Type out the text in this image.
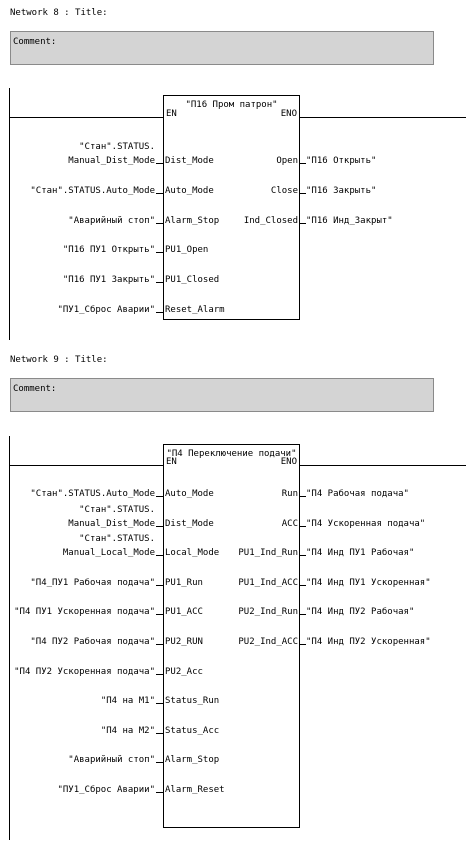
Network 8 : Title:
Comment:
"П16 Пром патрон"
EN	ENO
"Стан".STATUS.
Manual_Dist_Mode Dist_Mode
"Стан".STATUS.Auto_Mode Auto_Mode
"Аварийный стоп" Alarm_Stop
"П16 ПУ1 Открыть" PU1_Open
"П16 ПУ1 Закрыть" PU1_Closed
"ПУ1_Сброс Аварии" Reset_Alarm
Open "П16 Открыть"
Close "П16 Закрыть"
Ind_Closed "П16 Инд_Закрыт"
Network 9 : Title:
Comment:
"П4 Переключение подачи"
EN	ENO
"Стан".STATUS.Auto_Mode Auto_Mode
"Стан".STATUS.
Manual_Dist_Mode Dist_Mode
"Стан".STATUS.
Manual_Local_Mode Local_Mode
"П4_ПУ1 Рабочая подача" PU1_Run
"П4 ПУ1 Ускоренная подача" PU1_ACC
"П4 ПУ2 Рабочая подача" PU2_RUN
"П4 ПУ2 Ускоренная подача" PU2_Acc
"П4 на М1" Status_Run
"П4 на М2" Status_Acc
"Аварийный стоп" Alarm_Stop
"ПУ1_Сброс Аварии" Alarm_Reset
Run "П4 Рабочая подача"
ACC "П4 Ускоренная подача"
PU1_Ind_Run "П4 Инд ПУ1 Рабочая"
PU1_Ind_ACC "П4 Инд ПУ1 Ускоренная"
PU2_Ind_Run "П4 Инд ПУ2 Рабочая"
PU2_Ind_ACC "П4 Инд ПУ2 Ускоренная"
